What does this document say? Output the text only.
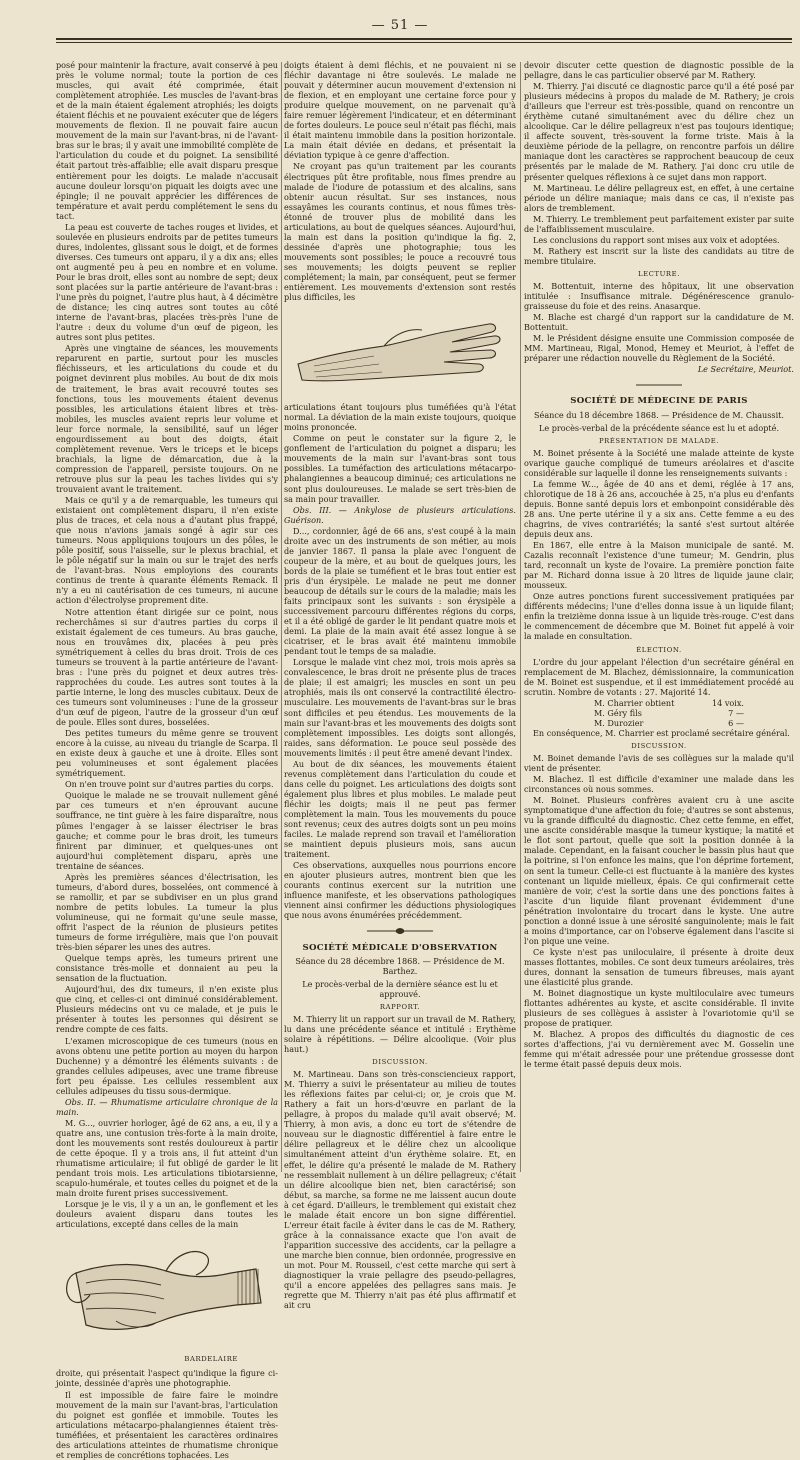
— 51 —

posé pour maintenir la fracture, avait conservé à peu près le volume normal; toute la portion de ces muscles, qui avait été comprimée, était complètement atrophiée. Les muscles de l'avant-bras et de la main étaient également atrophiés; les doigts étaient fléchis et ne pouvaient exécuter que de légers mouvements de flexion. Il ne pouvait faire aucun mouvement de la main sur l'avant-bras, ni de l'avant-bras sur le bras; il y avait une immobilité complète de l'articulation du coude et du poignet. La sensibilité était partout très-affaiblie; elle avait disparu presque entièrement pour les doigts. Le malade n'accusait aucune douleur lorsqu'on piquait les doigts avec une épingle; il ne pouvait apprécier les différences de température et avait perdu complétement le sens du tact.

La peau est couverte de taches rouges et livides, et soulevée en plusieurs endroits par de petites tumeurs dures, indolentes, glissant sous le doigt, et de formes diverses. Ces tumeurs ont apparu, il y a dix ans; elles ont augmenté peu à peu en nombre et en volume. Pour le bras droit, elles sont au nombre de sept; deux sont placées sur la partie antérieure de l'avant-bras : l'une près du poignet, l'autre plus haut, à 4 décimètre de distance; les cinq autres sont toutes au côté interne de l'avant-bras, placées très-près l'une de l'autre : deux du volume d'un œuf de pigeon, les autres sont plus petites.

Après une vingtaine de séances, les mouvements reparurent en partie, surtout pour les muscles fléchisseurs, et les articulations du coude et du poignet devinrent plus mobiles. Au bout de dix mois de traitement, le bras avait recouvré toutes ses fonctions, tous les mouvements étaient devenus possibles, les articulations étaient libres et très-mobiles, les muscles avaient repris leur volume et leur force normale, la sensibilité, sauf un léger engourdissement au bout des doigts, était complètement revenue. Vers le triceps et le biceps brachials, la ligne de démarcation, due à la compression de l'appareil, persiste toujours. On ne retrouve plus sur la peau les taches livides qui s'y trouvaient avant le traitement.

Mais ce qu'il y a de remarquable, les tumeurs qui existaient ont complètement disparu, il n'en existe plus de traces, et cela nous a d'autant plus frappé, que nous n'avions jamais songé à agir sur ces tumeurs. Nous appliquions toujours un des pôles, le pôle positif, sous l'aisselle, sur le plexus brachial, et le pôle négatif sur la main ou sur le trajet des nerfs de l'avant-bras. Nous employions des courants continus de trente à quarante éléments Remack. Il n'y a eu ni cautérisation de ces tumeurs, ni aucune action d'électrolyse proprement dite.

Notre attention étant dirigée sur ce point, nous recherchâmes si sur d'autres parties du corps il existait également de ces tumeurs. Au bras gauche, nous en trouvâmes dix, placées à peu près symétriquement à celles du bras droit. Trois de ces tumeurs se trouvent à la partie antérieure de l'avant-bras : l'une près du poignet et deux autres très-rapprochées du coude. Les autres sont toutes à la partie interne, le long des muscles cubitaux. Deux de ces tumeurs sont volumineuses : l'une de la grosseur d'un œuf de pigeon, l'autre de la grosseur d'un œuf de poule. Elles sont dures, bosselées.

Des petites tumeurs du même genre se trouvent encore à la cuisse, au niveau du triangle de Scarpa. Il en existe deux à gauche et une à droite. Elles sont peu volumineuses et sont également placées symétriquement.

On n'en trouve point sur d'autres parties du corps.

Quoique le malade ne se trouvait nullement gêné par ces tumeurs et n'en éprouvant aucune souffrance, ne tint guère à les faire disparaître, nous pûmes l'engager à se laisser électriser le bras gauche; et comme pour le bras droit, les tumeurs finirent par diminuer, et quelques-unes ont aujourd'hui complètement disparu, après une trentaine de séances.

Après les premières séances d'électrisation, les tumeurs, d'abord dures, bosselées, ont commencé à se ramollir, et par se subdiviser en un plus grand nombre de petits lobules. La tumeur la plus volumineuse, qui ne formait qu'une seule masse, offrit l'aspect de la réunion de plusieurs petites tumeurs de forme irrégulière, mais que l'on pouvait très-bien séparer les unes des autres.

Quelque temps après, les tumeurs prirent une consistance très-molle et donnaient au peu la sensation de la fluctuation.

Aujourd'hui, des dix tumeurs, il n'en existe plus que cinq, et celles-ci ont diminué considérablement. Plusieurs médecins ont vu ce malade, et je puis le présenter à toutes les personnes qui désirent se rendre compte de ces faits.

L'examen microscopique de ces tumeurs (nous en avons obtenu une petite portion au moyen du harpon Duchenne) y a démontré les éléments suivants : de grandes cellules adipeuses, avec une trame fibreuse fort peu épaisse. Les cellules ressemblent aux cellules adipeuses du tissu sous-dermique.

Obs. II. — Rhumatisme articulaire chronique de la main.

M. G..., ouvrier horloger, âgé de 62 ans, a eu, il y a quatre ans, une contusion très-forte à la main droite, dont les mouvements sont restés douloureux à partir de cette époque. Il y a trois ans, il fut atteint d'un rhumatisme articulaire; il fut obligé de garder le lit pendant trois mois. Les articulations tibiotarsienne, scapulo-humérale, et toutes celles du poignet et de la main droite furent prises successivement.

Lorsque je le vis, il y a un an, le gonflement et les douleurs avaient disparu dans toutes les articulations, excepté dans celles de la main

BARDELAIRE

droite, qui présentait l'aspect qu'indique la figure ci-jointe, dessinée d'après une photographie.

Il est impossible de faire faire le moindre mouvement de la main sur l'avant-bras, l'articulation du poignet est gonflée et immobile. Toutes les articulations métacarpo-phalangiennes étaient très-tuméfiées, et présentaient les caractères ordinaires des articulations atteintes de rhumatisme chronique et remplies de concrétions tophacées. Les

doigts étaient à demi fléchis, et ne pouvaient ni se fléchir davantage ni être soulevés. Le malade ne pouvait y déterminer aucun mouvement d'extension ni de flexion, et en employant une certaine force pour y produire quelque mouvement, on ne parvenait qu'à faire remuer légèrement l'indicateur, et en déterminant de fortes douleurs. Le pouce seul n'était pas fléchi, mais il était maintenu immobile dans la position horizontale. La main était déviée en dedans, et présentait la déviation typique à ce genre d'affection.

Ne croyant pas qu'un traitement par les courants électriques pût être profitable, nous fîmes prendre au malade de l'iodure de potassium et des alcalins, sans obtenir aucun résultat. Sur ses instances, nous essayâmes les courants continus, et nous fûmes très-étonné de trouver plus de mobilité dans les articulations, au bout de quelques séances. Aujourd'hui, la main est dans la position qu'indique la fig. 2, dessinée d'après une photographie; tous les mouvements sont possibles; le pouce a recouvré tous ses mouvements; les doigts peuvent se replier complétement; la main, par conséquent, peut se fermer entièrement. Les mouvements d'extension sont restés plus difficiles, les

articulations étant toujours plus tuméfiées qu'à l'état normal. La déviation de la main existe toujours, quoique moins prononcée.

Comme on peut le constater sur la figure 2, le gonflement de l'articulation du poignet a disparu; les mouvements de la main sur l'avant-bras sont tous possibles. La tuméfaction des articulations métacarpo-phalangiennes a beaucoup diminué; ces articulations ne sont plus douloureuses. Le malade se sert très-bien de sa main pour travailler.

Obs. III. — Ankylose de plusieurs articulations. Guérison.

D..., cordonnier, âgé de 66 ans, s'est coupé à la main droite avec un des instruments de son métier, au mois de janvier 1867. Il pansa la plaie avec l'onguent de coupeur de la mère, et au bout de quelques jours, les bords de la plaie se tuméfient et le bras tout entier est pris d'un érysipèle. Le malade ne peut me donner beaucoup de détails sur le cours de la maladie; mais les faits principaux sont les suivants : son érysipèle a successivement parcouru différentes régions du corps, et il a été obligé de garder le lit pendant quatre mois et demi. La plaie de la main avait été assez longue à se cicatriser, et le bras avait été maintenu immobile pendant tout le temps de sa maladie.

Lorsque le malade vint chez moi, trois mois après sa convalescence, le bras droit ne présente plus de traces de plaie; il est amaigri; les muscles en sont un peu atrophiés, mais ils ont conservé la contractilité électro-musculaire. Les mouvements de l'avant-bras sur le bras sont difficiles et peu étendus. Les mouvements de la main sur l'avant-bras et les mouvements des doigts sont complètement impossibles. Les doigts sont allongés, raides, sans déformation. Le pouce seul possède des mouvements limités : il peut être amené devant l'index.

Au bout de dix séances, les mouvements étaient revenus complètement dans l'articulation du coude et dans celle du poignet. Les articulations des doigts sont également plus libres et plus mobiles. Le malade peut fléchir les doigts; mais il ne peut pas fermer complètement la main. Tous les mouvements du pouce sont revenus; ceux des autres doigts sont un peu moins faciles. Le malade reprend son travail et l'amélioration se maintient depuis plusieurs mois, sans aucun traitement.

Ces observations, auxquelles nous pourrions encore en ajouter plusieurs autres, montrent bien que les courants continus exercent sur la nutrition une influence manifeste, et les observations pathologiques viennent ainsi confirmer les déductions physiologiques que nous avons énumérées précédemment.

SOCIÉTÉ MÉDICALE D'OBSERVATION

Séance du 28 décembre 1868. — Présidence de M. Barthez.

Le procès-verbal de la dernière séance est lu et approuvé.

RAPPORT.

M. Thierry lit un rapport sur un travail de M. Rathery, lu dans une précédente séance et intitulé : Erythème solaire à répétitions. — Délire alcoolique. (Voir plus haut.)

DISCUSSION.

M. Martineau. Dans son très-consciencieux rapport, M. Thierry a suivi le présentateur au milieu de toutes les réflexions faites par celui-ci; or, je crois que M. Rathery a fait un hors-d'œuvre en parlant de la pellagre, à propos du malade qu'il avait observé; M. Thierry, à mon avis, a donc eu tort de s'étendre de nouveau sur le diagnostic différentiel à faire entre le délire pellagreux et le délire chez un alcoolique simultanément atteint d'un érythème solaire. Et, en effet, le délire qu'a présenté le malade de M. Rathery ne ressemblait nullement à un délire pellagreux; c'était un délire alcoolique bien net, bien caractérisé; son début, sa marche, sa forme ne me laissent aucun doute à cet égard. D'ailleurs, le tremblement qui existait chez le malade était encore un bon signe différentiel. L'erreur était facile à éviter dans le cas de M. Rathery, grâce à la connaissance exacte que l'on avait de l'apparition successive des accidents, car la pellagre a une marche bien connue, bien ordonnée, progressive en un mot. Pour M. Rousseil, c'est cette marche qui sert à diagnostiquer la vraie pellagre des pseudo-pellagres, qu'il a encore appelées des pellagres sans mais. Je regrette que M. Thierry n'ait pas été plus affirmatif et ait cru

devoir discuter cette question de diagnostic possible de la pellagre, dans le cas particulier observé par M. Rathery.

M. Thierry. J'ai discuté ce diagnostic parce qu'il a été posé par plusieurs médecins à propos du malade de M. Rathery; je crois d'ailleurs que l'erreur est très-possible, quand on rencontre un érythème cutané simultanément avec du délire chez un alcoolique. Car le délire pellagreux n'est pas toujours identique; il affecte souvent, très-souvent la forme triste. Mais à la deuxième période de la pellagre, on rencontre parfois un délire maniaque dont les caractères se rapprochent beaucoup de ceux présentés par le malade de M. Rathery. J'ai donc cru utile de présenter quelques réflexions à ce sujet dans mon rapport.

M. Martineau. Le délire pellagreux est, en effet, à une certaine période un délire maniaque; mais dans ce cas, il n'existe pas alors de tremblement.

M. Thierry. Le tremblement peut parfaitement exister par suite de l'affaiblissement musculaire.

Les conclusions du rapport sont mises aux voix et adoptées.

M. Rathery est inscrit sur la liste des candidats au titre de membre titulaire.

LECTURE.

M. Bottentuit, interne des hôpitaux, lit une observation intitulée : Insuffisance mitrale. Dégénérescence granulo-graisseuse du foie et des reins. Anasarque.

M. Blache est chargé d'un rapport sur la candidature de M. Bottentuit.

M. le Président désigne ensuite une Commission composée de MM. Martineau, Rigal, Monod, Hemey et Meuriot, à l'effet de préparer une rédaction nouvelle du Règlement de la Société.

Le Secrétaire, Meuriot.

SOCIÉTÉ DE MÉDECINE DE PARIS

Séance du 18 décembre 1868. — Présidence de M. Chaussit.

Le procès-verbal de la précédente séance est lu et adopté.

PRÉSENTATION DE MALADE.

M. Boinet présente à la Société une malade atteinte de kyste ovarique gauche compliqué de tumeurs aréolaires et d'ascite considérable sur laquelle il donne les renseignements suivants :

La femme W..., âgée de 40 ans et demi, réglée à 17 ans, chlorotique de 18 à 26 ans, accouchée à 25, n'a plus eu d'enfants depuis. Bonne santé depuis lors et embonpoint considérable dès 28 ans. Une perte utérine il y a six ans. Cette femme a eu des chagrins, de vives contrariétés; la santé s'est surtout altérée depuis deux ans.

En 1867, elle entre à la Maison municipale de santé. M. Cazalis reconnaît l'existence d'une tumeur; M. Gendrin, plus tard, reconnaît un kyste de l'ovaire. La première ponction faite par M. Richard donna issue à 20 litres de liquide jaune clair, mousseux.

Onze autres ponctions furent successivement pratiquées par différents médecins; l'une d'elles donna issue à un liquide filant; enfin la treizième donna issue à un liquide très-rouge. C'est dans le commencement de décembre que M. Boinet fut appelé à voir la malade en consultation.

ÉLECTION.

L'ordre du jour appelant l'élection d'un secrétaire général en remplacement de M. Blachez, démissionnaire, la communication de M. Boinet est suspendue, et il est immédiatement procédé au scrutin. Nombre de votants : 27. Majorité 14.

M. Charrier obtient	14 voix.
M. Géry fils	7 —
M. Durozier	6 —

En conséquence, M. Charrier est proclamé secrétaire général.

DISCUSSION.

M. Boinet demande l'avis de ses collègues sur la malade qu'il vient de présenter.

M. Blachez. Il est difficile d'examiner une malade dans les circonstances où nous sommes.

M. Boinet. Plusieurs confrères avaient cru à une ascite symptomatique d'une affection du foie; d'autres se sont abstenus, vu la grande difficulté du diagnostic. Chez cette femme, en effet, une ascite considérable masque la tumeur kystique; la matité et le flot sont partout, quelle que soit la position donnée à la malade. Cependant, en la faisant coucher le bassin plus haut que la poitrine, si l'on enfonce les mains, que l'on déprime fortement, on sent la tumeur. Celle-ci est fluctuante à la manière des kystes contenant un liquide mielleux, épais. Ce qui confirmerait cette manière de voir, c'est la sortie dans une des ponctions faites à l'ascite d'un liquide filant provenant évidemment d'une pénétration involontaire du trocart dans le kyste. Une autre ponction a donné issue à une sérosité sanguinolente; mais le fait a moins d'importance, car on l'observe également dans l'ascite si l'on pique une veine.

Ce kyste n'est pas uniloculaire, il présente à droite deux masses flottantes, mobiles. Ce sont deux tumeurs aréolaires, très dures, donnant la sensation de tumeurs fibreuses, mais ayant une élasticité plus grande.

M. Boinet diagnostique un kyste multiloculaire avec tumeurs flottantes adhérentes au kyste, et ascite considérable. Il invite plusieurs de ses collègues à assister à l'ovariotomie qu'il se propose de pratiquer.

M. Blachez. A propos des difficultés du diagnostic de ces sortes d'affections, j'ai vu dernièrement avec M. Gosselin une femme qui m'était adressée pour une prétendue grossesse dont le terme était passé depuis deux mois.
